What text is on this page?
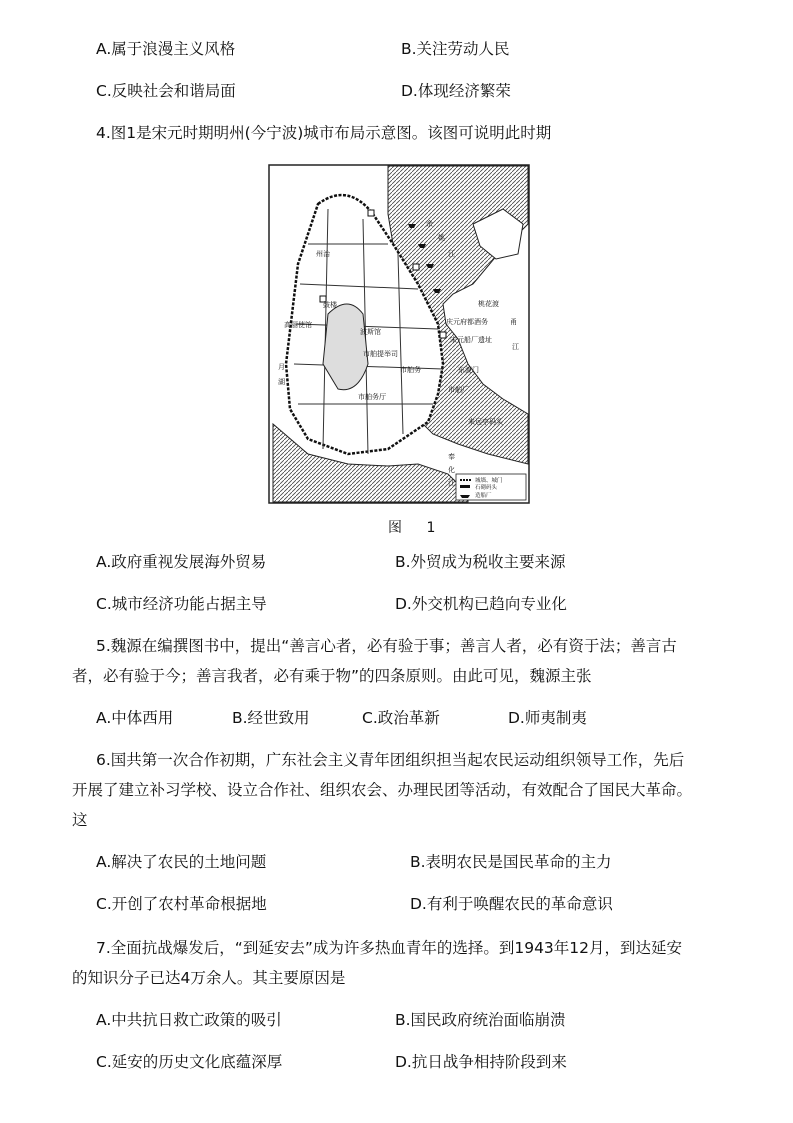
A.属于浪漫主义风格	B.关注劳动人民
C.反映社会和谐局面	D.体现经济繁荣
4.图1是宋元时期明州(今宁波)城市布局示意图。该图可说明此时期
余
姚
江
州治
鼓楼
高丽使馆
波斯馆
市舶提举司
市舶务
市舶务厅
庆元府都酒务
宋元船厂遗址
桃花渡
东渡门
来远亭码头
市舶厂
江
月
湖
甬
奉
化
江	城墙、城门
石砌码头
造船厂
图 1
A.政府重视发展海外贸易	B.外贸成为税收主要来源
C.城市经济功能占据主导	D.外交机构已趋向专业化
5.魏源在编撰图书中，提出“善言心者，必有验于事；善言人者，必有资于法；善言古
者，必有验于今；善言我者，必有乘于物”的四条原则。由此可见，魏源主张
A.中体西用	B.经世致用	C.政治革新	D.师夷制夷
6.国共第一次合作初期，广东社会主义青年团组织担当起农民运动组织领导工作，先后
开展了建立补习学校、设立合作社、组织农会、办理民团等活动，有效配合了国民大革命。
这
A.解决了农民的土地问题	B.表明农民是国民革命的主力
C.开创了农村革命根据地	D.有利于唤醒农民的革命意识
7.全面抗战爆发后，“到延安去”成为许多热血青年的选择。到1943年12月，到达延安
的知识分子已达4万余人。其主要原因是
A.中共抗日救亡政策的吸引	B.国民政府统治面临崩溃
C.延安的历史文化底蕴深厚	D.抗日战争相持阶段到来
